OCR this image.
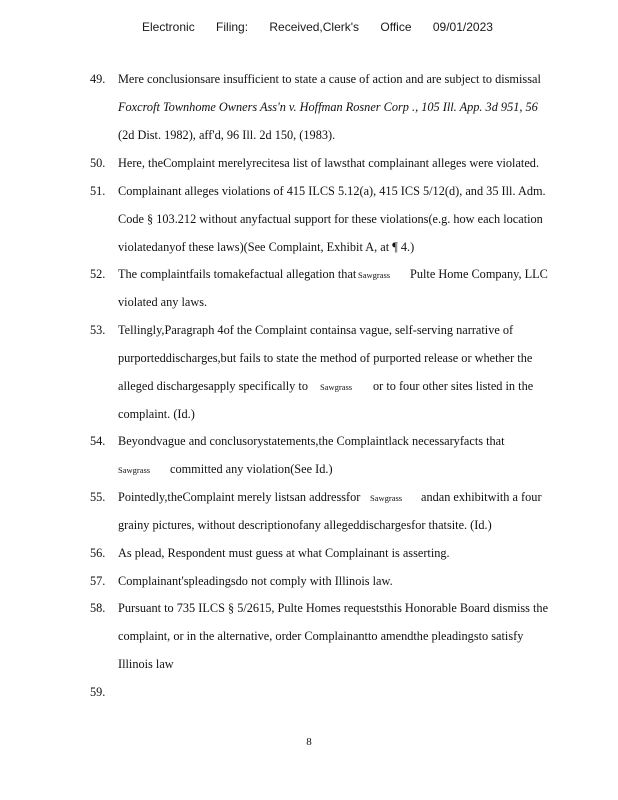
Electronic Filing: Received,Clerk's Office 09/01/2023
49.	Mere conclusionsare insufficient to state a cause of action and are subject to dismissal
Foxcroft Townhome Owners Ass'n v. Hoffman Rosner Corp ., 105 Ill. App. 3d 951, 56
(2d Dist. 1982), aff'd, 96 Ill. 2d 150, (1983).
50.	Here, theComplaint merelyrecitesa list of lawsthat complainant alleges were violated.
51.	Complainant alleges violations of 415 ILCS 5.12(a), 415 ICS 5/12(d), and 35 Ill. Adm.
Code § 103.212 without anyfactual support for these violations(e.g. how each location
violatedanyof these laws)(See Complaint, Exhibit A, at ¶ 4.)
52.	The complaintfails tomakefactual allegation that Sawgrass Pulte Home Company, LLC
violated any laws.
53.	Tellingly,Paragraph 4of the Complaint containsa vague, self-serving narrative of
purporteddischarges,but fails to state the method of purported release or whether the
alleged dischargesapply specifically to Sawgrass or to four other sites listed in the
complaint. (Id.)
54.	Beyondvague and conclusorystatements,the Complaintlack necessaryfacts that
Sawgrass committed any violation(See Id.)
55.	Pointedly,theComplaint merely listsan addressfor Sawgrass andan exhibitwith a four
grainy pictures, without descriptionofany allegeddischargesfor thatsite. (Id.)
56.	As plead, Respondent must guess at what Complainant is asserting.
57.	Complainant'spleadingsdo not comply with Illinois law.
58.	Pursuant to 735 ILCS § 5/2615, Pulte Homes requeststhis Honorable Board dismiss the
complaint, or in the alternative, order Complainantto amendthe pleadingsto satisfy
Illinois law
59.
8
